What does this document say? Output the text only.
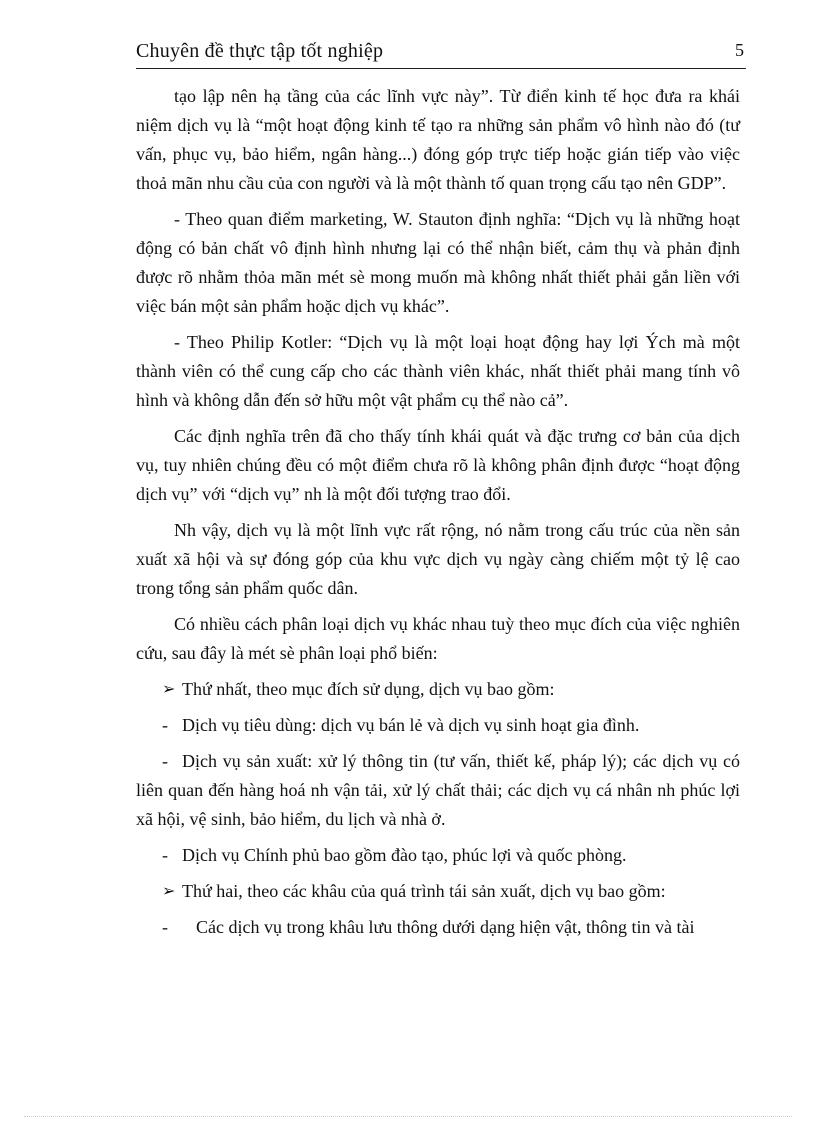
Chuyên đề thực tập tốt nghiệp	5

tạo lập nên hạ tầng của các lĩnh vực này”. Từ điển kinh tế học đưa ra khái niệm dịch vụ là “một hoạt động kinh tế tạo ra những sản phẩm vô hình nào đó (tư vấn, phục vụ, bảo hiểm, ngân hàng...) đóng góp trực tiếp hoặc gián tiếp vào việc thoả mãn nhu cầu của con người và là một thành tố quan trọng cấu tạo nên GDP”.

- Theo quan điểm marketing, W. Stauton định nghĩa: “Dịch vụ là những hoạt động có bản chất vô định hình nhưng lại có thể nhận biết, cảm thụ và phản định được rõ nhằm thỏa mãn mét sè mong muốn mà không nhất thiết phải gắn liền với việc bán một sản phẩm hoặc dịch vụ khác”.

- Theo Philip Kotler: “Dịch vụ là một loại hoạt động hay lợi Ých mà một thành viên có thể cung cấp cho các thành viên khác, nhất thiết phải mang tính vô hình và không dẫn đến sở hữu một vật phẩm cụ thể nào cả”.

Các định nghĩa trên đã cho thấy tính khái quát và đặc trưng cơ bản của dịch vụ, tuy nhiên chúng đều có một điểm chưa rõ là không phân định được “hoạt động dịch vụ” với “dịch vụ” nh là một đối tượng trao đổi.

Nh vậy, dịch vụ là một lĩnh vực rất rộng, nó nằm trong cấu trúc của nền sản xuất xã hội và sự đóng góp của khu vực dịch vụ ngày càng chiếm một tỷ lệ cao trong tổng sản phẩm quốc dân.

Có nhiều cách phân loại dịch vụ khác nhau tuỳ theo mục đích của việc nghiên cứu, sau đây là mét sè phân loại phổ biến:

➢ Thứ nhất, theo mục đích sử dụng, dịch vụ bao gồm:

- Dịch vụ tiêu dùng: dịch vụ bán lẻ và dịch vụ sinh hoạt gia đình.

- Dịch vụ sản xuất: xử lý thông tin (tư vấn, thiết kế, pháp lý); các dịch vụ có liên quan đến hàng hoá nh vận tải, xử lý chất thải; các dịch vụ cá nhân nh phúc lợi xã hội, vệ sinh, bảo hiểm, du lịch và nhà ở.

- Dịch vụ Chính phủ bao gồm đào tạo, phúc lợi và quốc phòng.

➢ Thứ hai, theo các khâu của quá trình tái sản xuất, dịch vụ bao gồm:

- Các dịch vụ trong khâu lưu thông dưới dạng hiện vật, thông tin và tài
